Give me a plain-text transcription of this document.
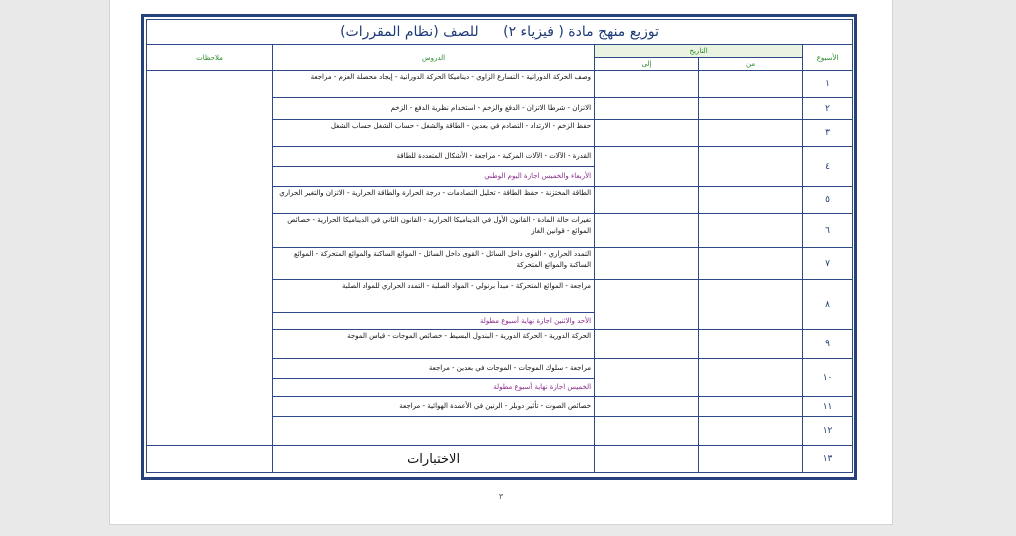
توزيع منهج مادة ( فيزياء ٢) للصف (نظام المقررات)					
الأسبوع	التاريخ		الدروس	ملاحظات	
	من	إلى			
١			وصف الحركة الدورانية - التسارع الزاوي - ديناميكا الحركة الدورانية - إيجاد محصلة العزم - مراجعة		
٢			الاتزان - شرطا الاتزان - الدفع والزخم - استخدام نظرية الدفع - الزخم		
٣			حفظ الزخم - الارتداد - التصادم في بعدين - الطاقة والشغل - حساب الشغل حساب الشغل		
٤			القدرة - الآلات - الآلات المركبة - مراجعة - الأشكال المتعددة للطاقة		
			الأربعاء والخميس اجازة اليوم الوطني		
٥			الطاقة المختزنة - حفظ الطاقة - تحليل التصادمات - درجة الحرارة والطاقة الحرارية - الاتزان والتغير الحراري		
٦			تغيرات حالة المادة - القانون الأول في الديناميكا الحرارية - القانون الثاني في الديناميكا الحرارية - خصائص الموائع - قوانين الغاز		
٧			التمدد الحراري - القوى داخل السائل - القوى داخل السائل - الموائع الساكنة والموائع المتحركة - الموائع الساكنة والموائع المتحركة		
٨			مراجعة - الموائع المتحركة - مبدأ برنولي - المواد الصلبة - التمدد الحراري للمواد الصلبة		
			الأحد والاثنين اجازة نهاية أسبوع مطولة		
٩			الحركة الدورية - الحركة الدورية - البندول البسيط - خصائص الموجات - قياس الموجة		
١٠			مراجعة - سلوك الموجات - الموجات في بعدين - مراجعة		
			الخميس اجازة نهاية أسبوع مطولة		
١١			خصائص الصوت - تأثير دوبلر - الرنين في الأعمدة الهوائية - مراجعة		
١٢					
١٣			الاختبارات		
٣
